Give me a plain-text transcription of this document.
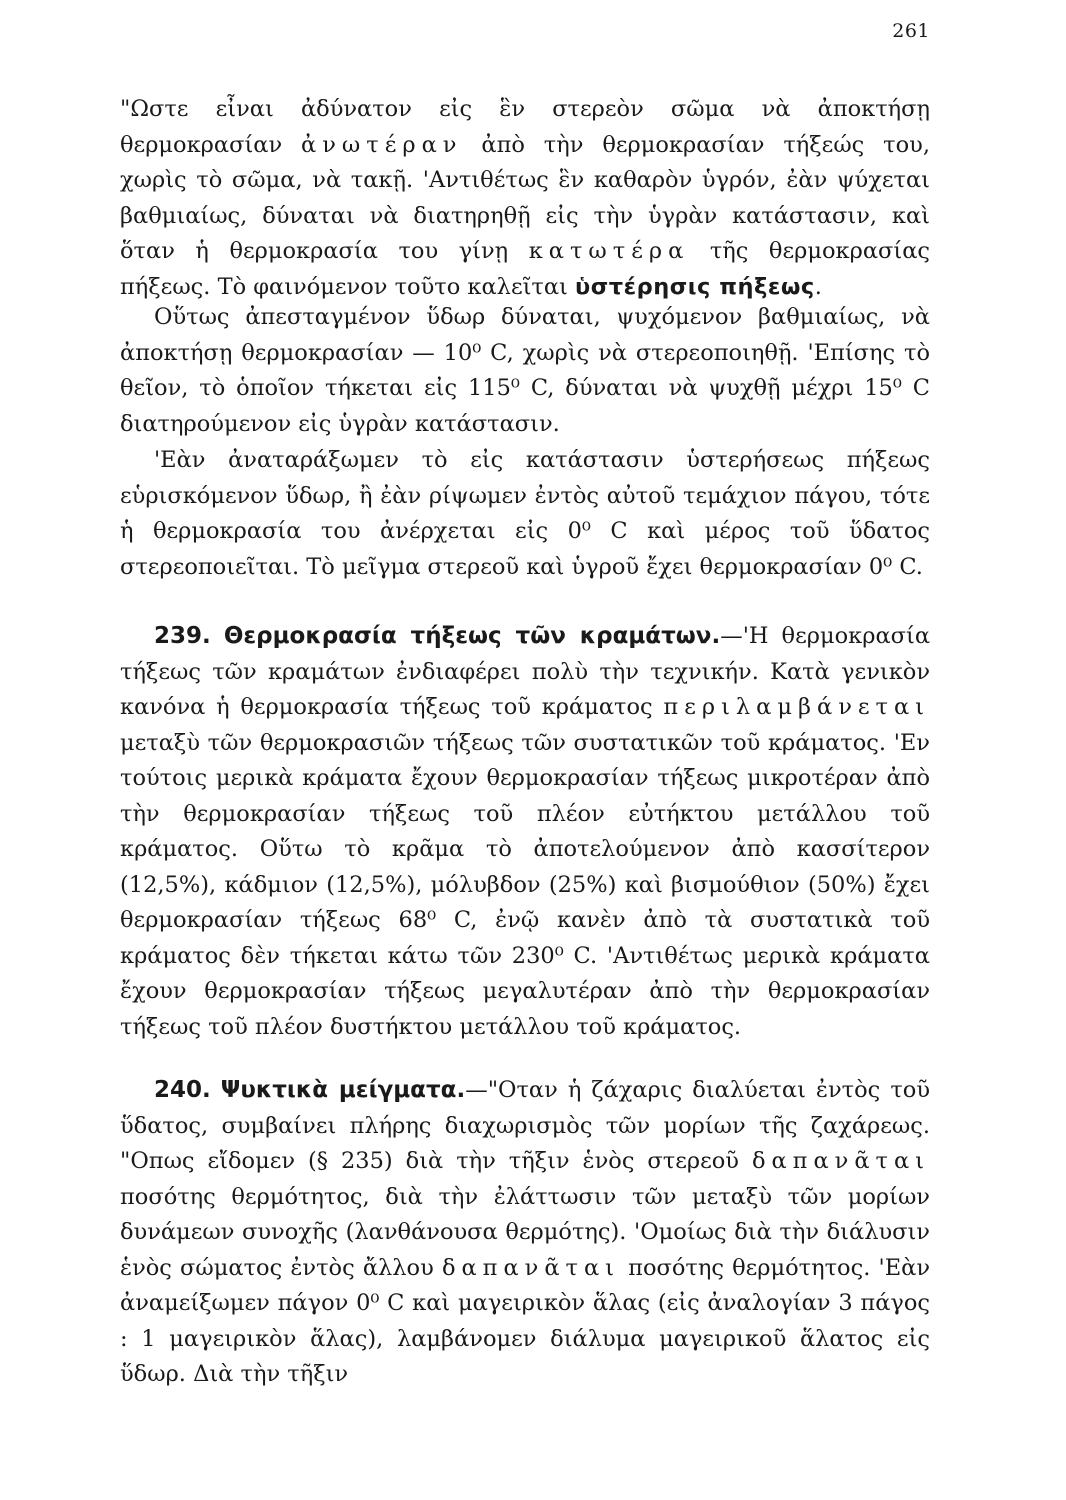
261

"Ωστε εἶναι ἀδύνατον εἰς ἓν στερεὸν σῶμα νὰ ἀποκτήσῃ θερμοκρασίαν ἀνωτέραν ἀπὸ τὴν θερμοκρασίαν τήξεώς του, χωρὶς τὸ σῶμα, νὰ τακῇ. 'Αντιθέτως ἓν καθαρὸν ὑγρόν, ἐὰν ψύχεται βαθμιαίως, δύναται νὰ διατηρηθῇ εἰς τὴν ὑγρὰν κατάστασιν, καὶ ὅταν ἡ θερμοκρασία του γίνῃ κατωτέρα τῆς θερμοκρασίας πήξεως. Τὸ φαινόμενον τοῦτο καλεῖται ὑστέρησις πήξεως.

Οὕτως ἀπεσταγμένον ὕδωρ δύναται, ψυχόμενον βαθμιαίως, νὰ ἀποκτήσῃ θερμοκρασίαν — 10⁰ C, χωρὶς νὰ στερεοποιηθῇ. 'Επίσης τὸ θεῖον, τὸ ὁποῖον τήκεται εἰς 115⁰ C, δύναται νὰ ψυχθῇ μέχρι 15⁰ C διατηρούμενον εἰς ὑγρὰν κατάστασιν.

'Εὰν ἀναταράξωμεν τὸ εἰς κατάστασιν ὑστερήσεως πήξεως εὑρισκόμενον ὕδωρ, ἢ ἐὰν ρίψωμεν ἐντὸς αὐτοῦ τεμάχιον πάγου, τότε ἡ θερμοκρασία του ἀνέρχεται εἰς 0⁰ C καὶ μέρος τοῦ ὕδατος στερεοποιεῖται. Τὸ μεῖγμα στερεοῦ καὶ ὑγροῦ ἔχει θερμοκρασίαν 0⁰ C.

239. Θερμοκρασία τήξεως τῶν κραμάτων.—'Η θερμοκρασία τήξεως τῶν κραμάτων ἐνδιαφέρει πολὺ τὴν τεχνικήν. Κατὰ γενικὸν κανόνα ἡ θερμοκρασία τήξεως τοῦ κράματος περιλαμβάνεται μεταξὺ τῶν θερμοκρασιῶν τήξεως τῶν συστατικῶν τοῦ κράματος. 'Εν τούτοις μερικὰ κράματα ἔχουν θερμοκρασίαν τήξεως μικροτέραν ἀπὸ τὴν θερμοκρασίαν τήξεως τοῦ πλέον εὐτήκτου μετάλλου τοῦ κράματος. Οὕτω τὸ κρᾶμα τὸ ἀποτελούμενον ἀπὸ κασσίτερον (12,5%), κάδμιον (12,5%), μόλυβδον (25%) καὶ βισμούθιον (50%) ἔχει θερμοκρασίαν τήξεως 68⁰ C, ἐνῷ κανὲν ἀπὸ τὰ συστατικὰ τοῦ κράματος δὲν τήκεται κάτω τῶν 230⁰ C. 'Αντιθέτως μερικὰ κράματα ἔχουν θερμοκρασίαν τήξεως μεγαλυτέραν ἀπὸ τὴν θερμοκρασίαν τήξεως τοῦ πλέον δυστήκτου μετάλλου τοῦ κράματος.

240. Ψυκτικὰ μείγματα.—"Οταν ἡ ζάχαρις διαλύεται ἐντὸς τοῦ ὕδατος, συμβαίνει πλήρης διαχωρισμὸς τῶν μορίων τῆς ζαχάρεως. "Οπως εἴδομεν (§ 235) διὰ τὴν τῆξιν ἑνὸς στερεοῦ δαπανᾶται ποσότης θερμότητος, διὰ τὴν ἐλάττωσιν τῶν μεταξὺ τῶν μορίων δυνάμεων συνοχῆς (λανθάνουσα θερμότης). 'Ομοίως διὰ τὴν διάλυσιν ἑνὸς σώματος ἐντὸς ἄλλου δαπανᾶται ποσότης θερμότητος. 'Εὰν ἀναμείξωμεν πάγον 0⁰ C καὶ μαγειρικὸν ἅλας (εἰς ἀναλογίαν 3 πάγος : 1 μαγειρικὸν ἅλας), λαμβάνομεν διάλυμα μαγειρικοῦ ἅλατος εἰς ὕδωρ. Διὰ τὴν τῆξιν
